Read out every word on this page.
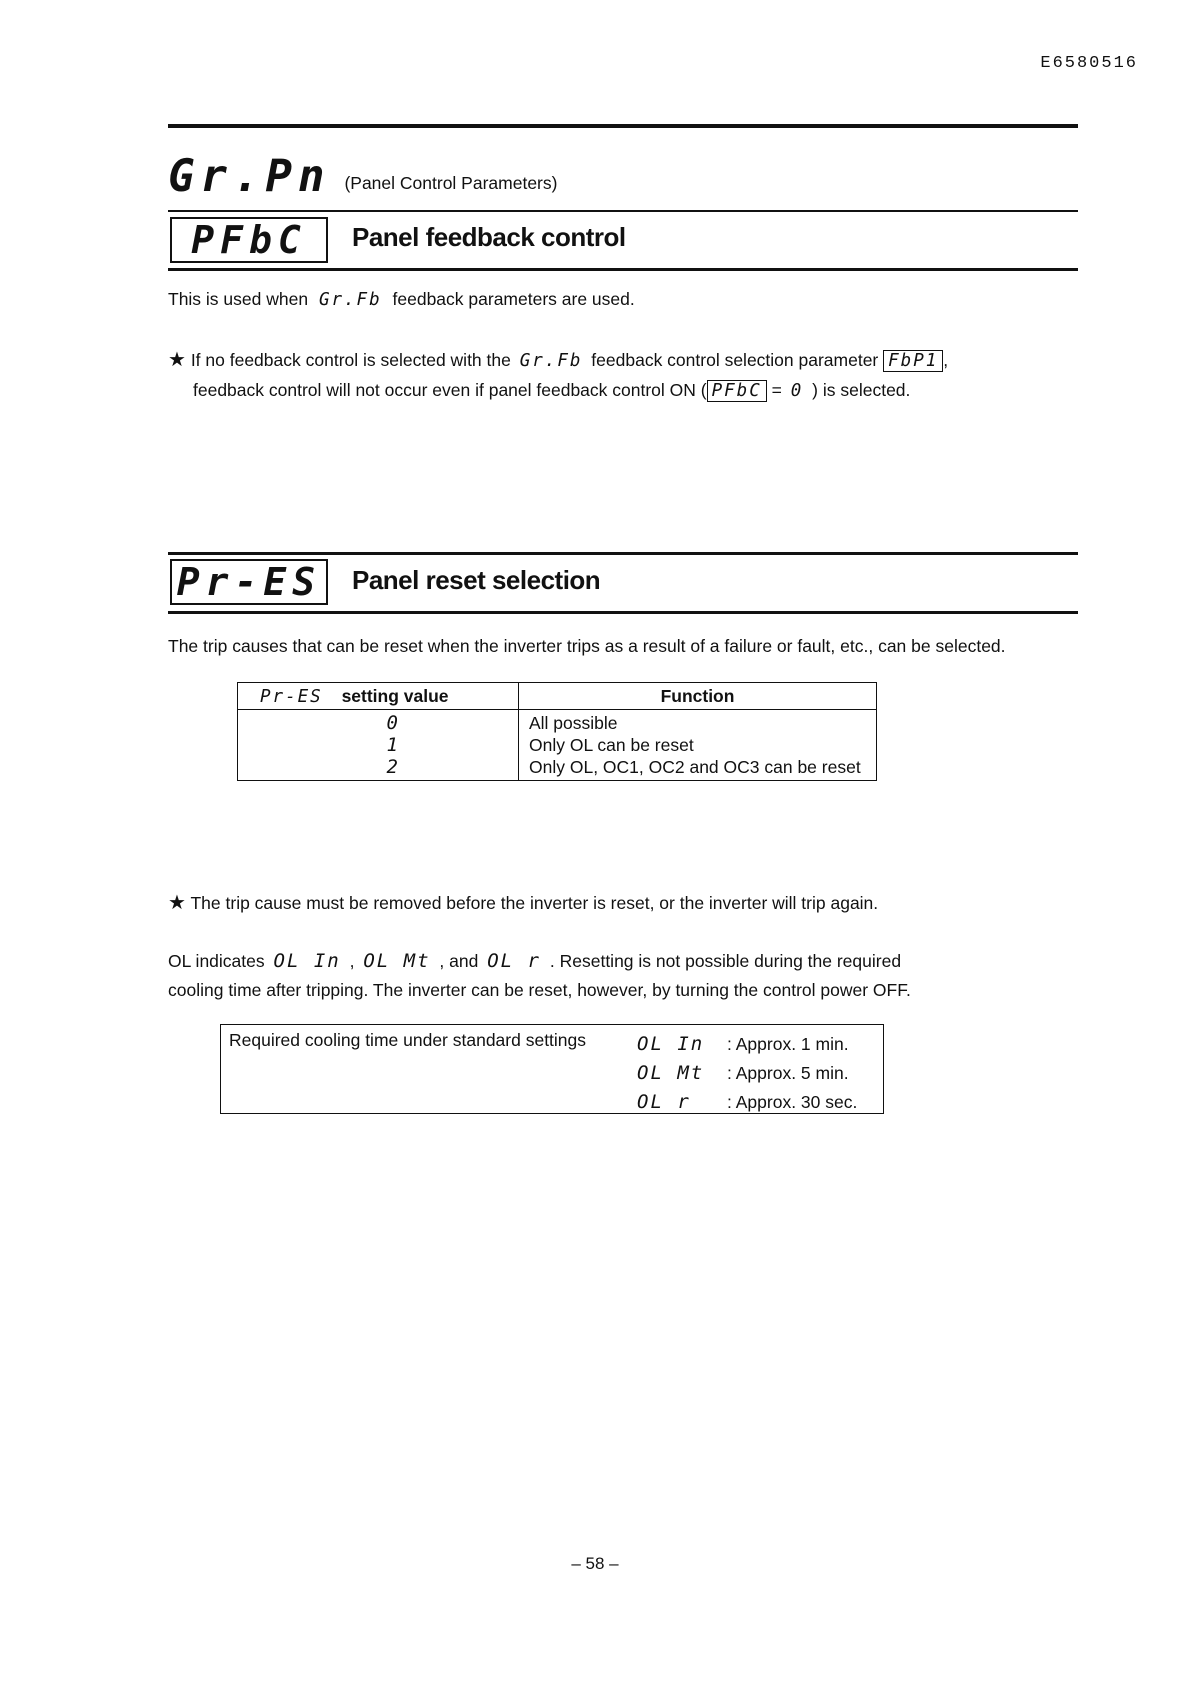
E6580516
Gr.Pn (Panel Control Parameters)
PFbC Panel feedback control
This is used when Gr.Fb feedback parameters are used.
★ If no feedback control is selected with the Gr.Fb feedback control selection parameter FbP1 ,
feedback control will not occur even if panel feedback control ON ( PFbC = 0 ) is selected.
Pr-ES Panel reset selection
The trip causes that can be reset when the inverter trips as a result of a failure or fault, etc., can be selected.
Pr-ES setting value	Function
0	All possible
1	Only OL can be reset
2	Only OL, OC1, OC2 and OC3 can be reset
★ The trip cause must be removed before the inverter is reset, or the inverter will trip again.
OL indicates OL In , OL Mt , and OL r . Resetting is not possible during the required
cooling time after tripping. The inverter can be reset, however, by turning the control power OFF.
Required cooling time under standard settings	OL In	: Approx. 1 min.
OL Mt	: Approx. 5 min.
OL r	: Approx. 30 sec.
– 58 –
